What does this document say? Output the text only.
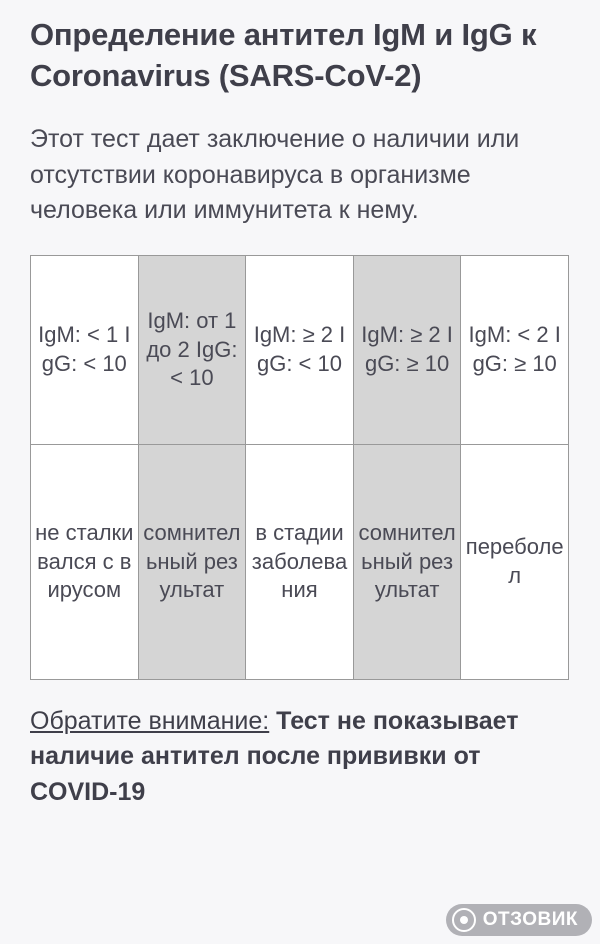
Определение антител IgM и IgG к Coronavirus (SARS-CoV-2)

Этот тест дает заключение о наличии или отсутствии коронавируса в организме человека или иммунитета к нему.

IgM: < 1 IgG: < 10	IgM: от 1 до 2 IgG: < 10	IgM: ≥ 2 IgG: < 10	IgM: ≥ 2 IgG: ≥ 10	IgM: < 2 IgG: ≥ 10
не сталкивался с вирусом	сомнительный результат	в стадии заболевания	сомнительный результат	переболел

Обратите внимание: Тест не показывает наличие антител после прививки от COVID-19

ОТЗОВИК
